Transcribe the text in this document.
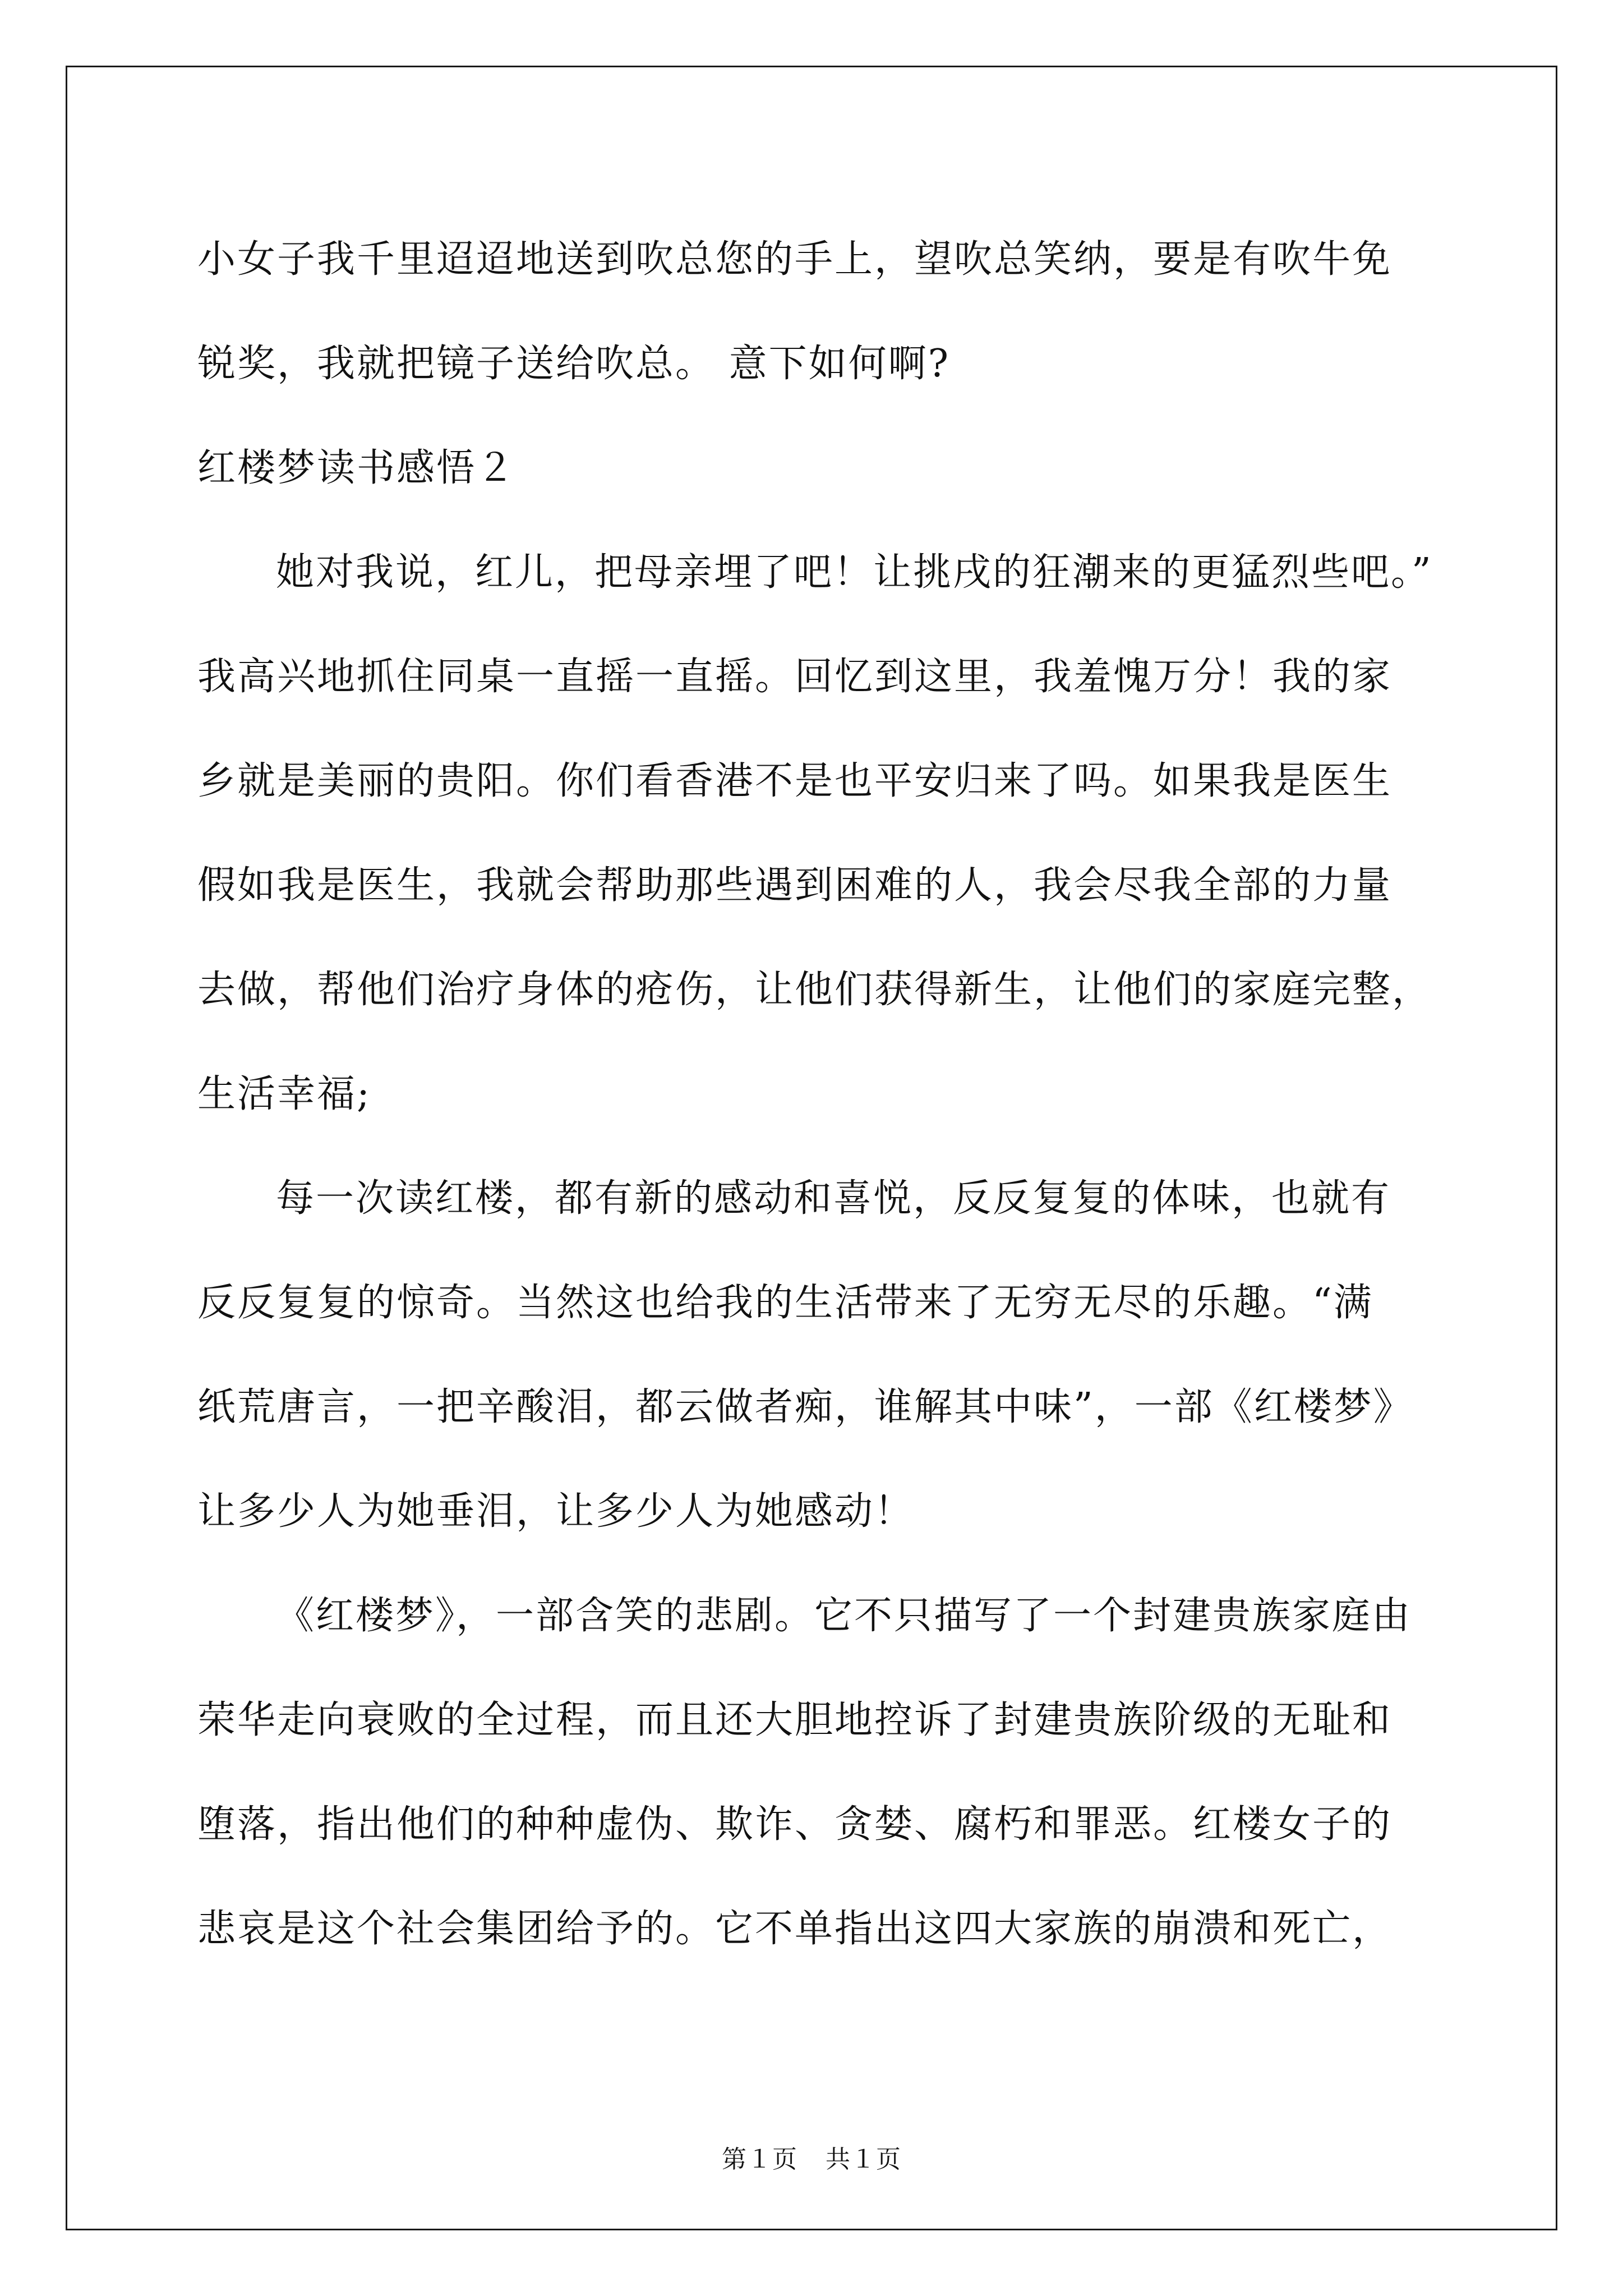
小女子我千里迢迢地送到吹总您的手上，望吹总笑纳，要是有吹牛免
锐奖，我就把镜子送给吹总。 意下如何啊?
红楼梦读书感悟２
她对我说，红儿，把母亲埋了吧！让挑戌的狂潮来的更猛烈些吧。”
我高兴地抓住同桌一直摇一直摇。回忆到这里，我羞愧万分！我的家
乡就是美丽的贵阳。你们看香港不是也平安归来了吗。如果我是医生
假如我是医生，我就会帮助那些遇到困难的人，我会尽我全部的力量
去做，帮他们治疗身体的疮伤，让他们获得新生，让他们的家庭完整，
生活幸福;
每一次读红楼，都有新的感动和喜悦，反反复复的体味，也就有
反反复复的惊奇。当然这也给我的生活带来了无穷无尽的乐趣。“满
纸荒唐言，一把辛酸泪，都云做者痴，谁解其中味”，一部《红楼梦》
让多少人为她垂泪，让多少人为她感动！
《红楼梦》，一部含笑的悲剧。它不只描写了一个封建贵族家庭由
荣华走向衰败的全过程，而且还大胆地控诉了封建贵族阶级的无耻和
堕落，指出他们的种种虚伪、欺诈、贪婪、腐朽和罪恶。红楼女子的
悲哀是这个社会集团给予的。它不单指出这四大家族的崩溃和死亡，
第１页 共１页
